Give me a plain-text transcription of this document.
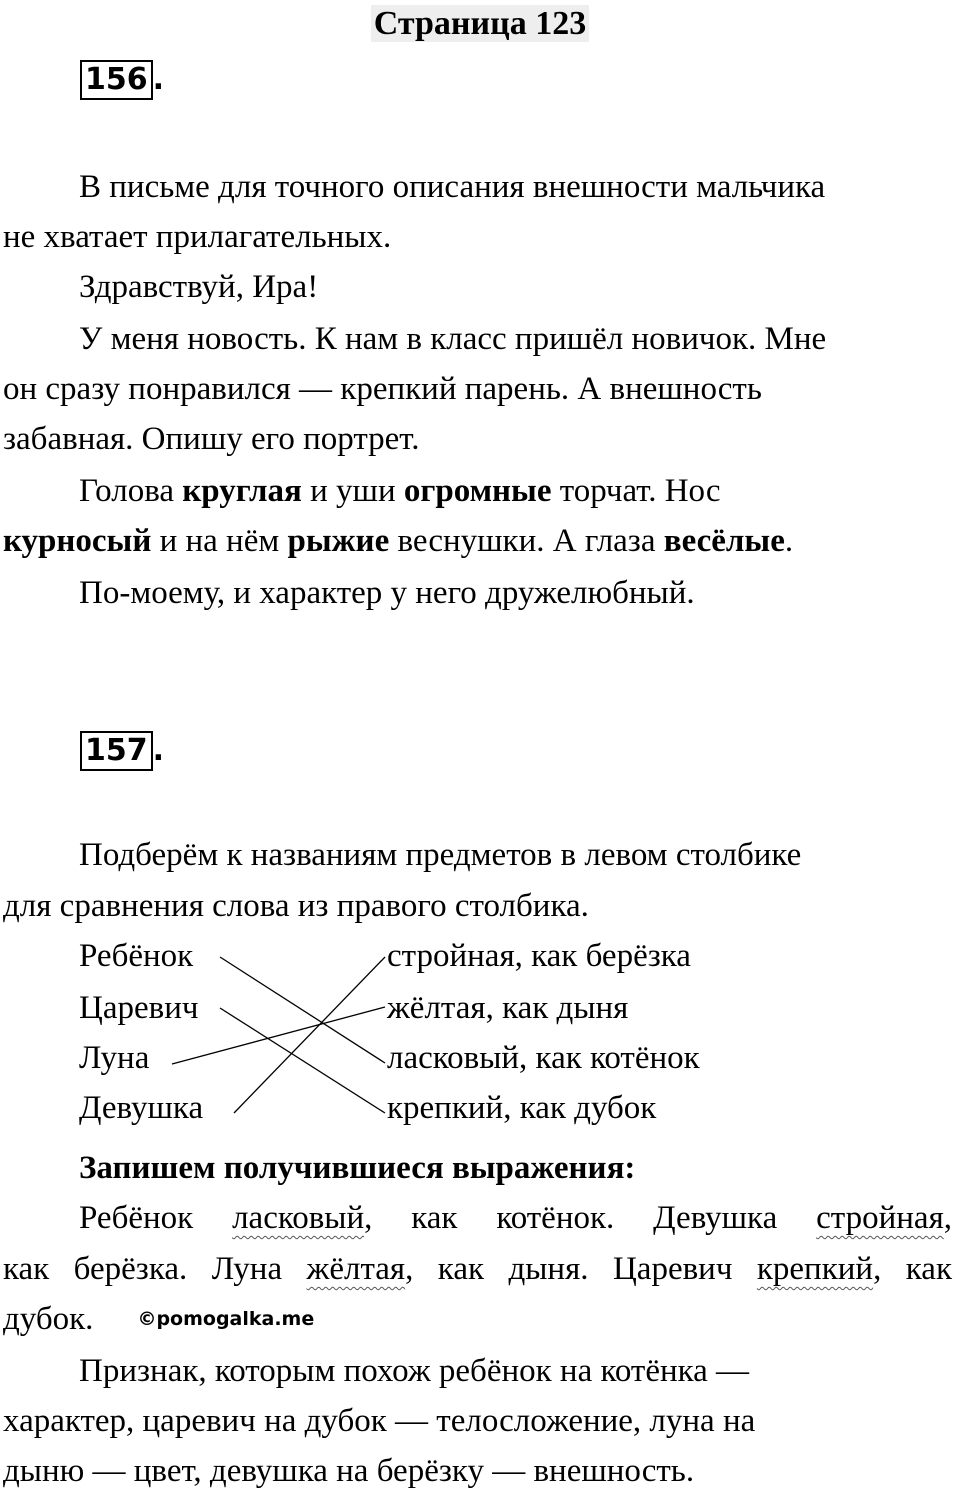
Страница 123
156 .
В письме для точного описания внешности мальчика
не хватает прилагательных.
Здравствуй, Ира!
У меня новость. К нам в класс пришёл новичок. Мне
он сразу понравился — крепкий парень. А внешность
забавная. Опишу его портрет.
Голова круглая и уши огромные торчат. Нос
курносый и на нём рыжие веснушки. А глаза весёлые.
По-моему, и характер у него дружелюбный.
157 .
Подберём к названиям предметов в левом столбике
для сравнения слова из правого столбика.
Ребёнок
Царевич
Луна
Девушка
стройная, как берёзка
жёлтая, как дыня
ласковый, как котёнок
крепкий, как дубок
Запишем получившиеся выражения:
Ребёнок ласковый, как котёнок. Девушка стройная,
как берёзка. Луна жёлтая, как дыня. Царевич крепкий, как
дубок. ©pomogalka.me
Признак, которым похож ребёнок на котёнка —
характер, царевич на дубок — телосложение, луна на
дыню — цвет, девушка на берёзку — внешность.
